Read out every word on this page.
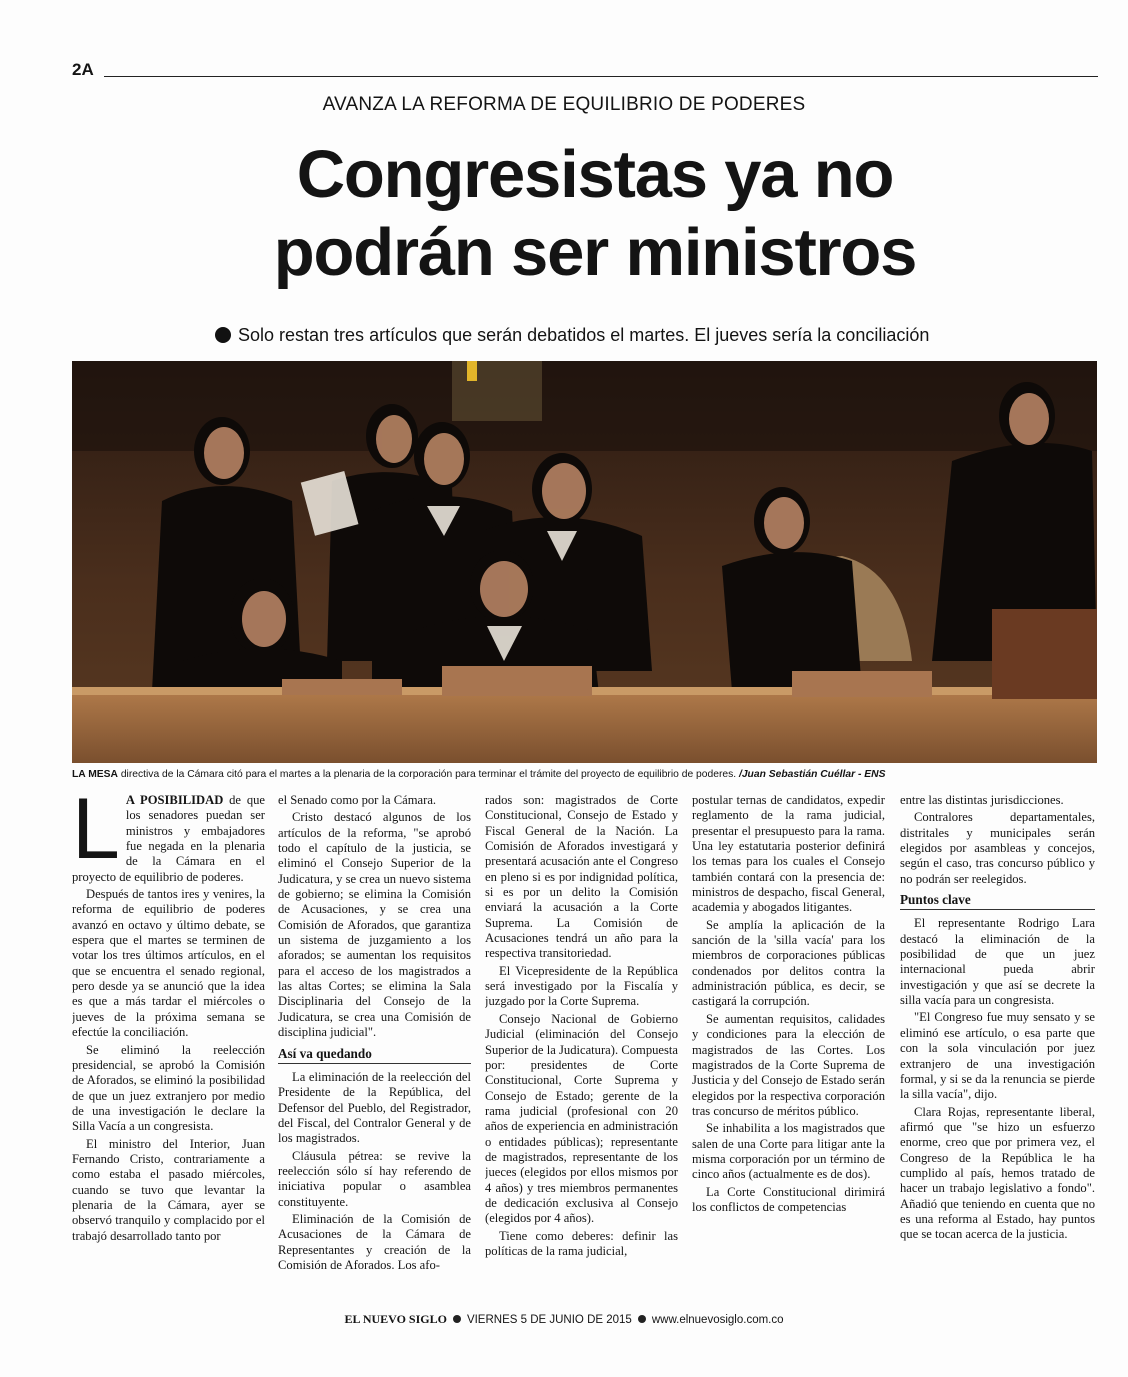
2A
AVANZA LA REFORMA DE EQUILIBRIO DE PODERES
Congresistas ya no
podrán ser ministros
Solo restan tres artículos que serán debatidos el martes. El jueves sería la conciliación
LA MESA directiva de la Cámara citó para el martes a la plenaria de la corporación para terminar el trámite del proyecto de equilibrio de poderes. /Juan Sebastián Cuéllar - ENS

L A POSIBILIDAD de que los senadores puedan ser ministros y embajadores fue negada en la plenaria de la Cámara en el proyecto de equilibrio de poderes.

Después de tantos ires y venires, la reforma de equilibrio de poderes avanzó en octavo y último debate, se espera que el martes se terminen de votar los tres últimos artículos, en el que se encuentra el senado regional, pero desde ya se anunció que la idea es que a más tardar el miércoles o jueves de la próxima semana se efectúe la conciliación.

Se eliminó la reelección presidencial, se aprobó la Comisión de Aforados, se eliminó la posibilidad de que un juez extranjero por medio de una investigación le declare la Silla Vacía a un congresista.

El ministro del Interior, Juan Fernando Cristo, contrariamente a como estaba el pasado miércoles, cuando se tuvo que levantar la plenaria de la Cámara, ayer se observó tranquilo y complacido por el trabajó desarrollado tanto por

el Senado como por la Cámara.

Cristo destacó algunos de los artículos de la reforma, "se aprobó todo el capítulo de la justicia, se eliminó el Consejo Superior de la Judicatura, y se crea un nuevo sistema de gobierno; se elimina la Comisión de Acusaciones, y se crea una Comisión de Aforados, que garantiza un sistema de juzgamiento a los aforados; se aumentan los requisitos para el acceso de los magistrados a las altas Cortes; se elimina la Sala Disciplinaria del Consejo de la Judicatura, se crea una Comisión de disciplina judicial".

Así va quedando

La eliminación de la reelección del Presidente de la República, del Defensor del Pueblo, del Registrador, del Fiscal, del Contralor General y de los magistrados.

Cláusula pétrea: se revive la reelección sólo sí hay referendo de iniciativa popular o asamblea constituyente.

Eliminación de la Comisión de Acusaciones de la Cámara de Representantes y creación de la Comisión de Aforados. Los afo-

rados son: magistrados de Corte Constitucional, Consejo de Estado y Fiscal General de la Nación. La Comisión de Aforados investigará y presentará acusación ante el Congreso en pleno si es por indignidad política, si es por un delito la Comisión enviará la acusación a la Corte Suprema. La Comisión de Acusaciones tendrá un año para la respectiva transitoriedad.

El Vicepresidente de la República será investigado por la Fiscalía y juzgado por la Corte Suprema.

Consejo Nacional de Gobierno Judicial (eliminación del Consejo Superior de la Judicatura). Compuesta por: presidentes de Corte Constitucional, Corte Suprema y Consejo de Estado; gerente de la rama judicial (profesional con 20 años de experiencia en administración o entidades públicas); representante de magistrados, representante de los jueces (elegidos por ellos mismos por 4 años) y tres miembros permanentes de dedicación exclusiva al Consejo (elegidos por 4 años).

Tiene como deberes: definir las políticas de la rama judicial,

postular ternas de candidatos, expedir reglamento de la rama judicial, presentar el presupuesto para la rama. Una ley estatutaria posterior definirá los temas para los cuales el Consejo también contará con la presencia de: ministros de despacho, fiscal General, academia y abogados litigantes.

Se amplía la aplicación de la sanción de la 'silla vacía' para los miembros de corporaciones públicas condenados por delitos contra la administración pública, es decir, se castigará la corrupción.

Se aumentan requisitos, calidades y condiciones para la elección de magistrados de las Cortes. Los magistrados de la Corte Suprema de Justicia y del Consejo de Estado serán elegidos por la respectiva corporación tras concurso de méritos público.

Se inhabilita a los magistrados que salen de una Corte para litigar ante la misma corporación por un término de cinco años (actualmente es de dos).

La Corte Constitucional dirimirá los conflictos de competencias

entre las distintas jurisdicciones.

Contralores departamentales, distritales y municipales serán elegidos por asambleas y concejos, según el caso, tras concurso público y no podrán ser reelegidos.

Puntos clave

El representante Rodrigo Lara destacó la eliminación de la posibilidad de que un juez internacional pueda abrir investigación y que así se decrete la silla vacía para un congresista.

"El Congreso fue muy sensato y se eliminó ese artículo, o esa parte que con la sola vinculación por juez extranjero de una investigación formal, y si se da la renuncia se pierde la silla vacía", dijo.

Clara Rojas, representante liberal, afirmó que "se hizo un esfuerzo enorme, creo que por primera vez, el Congreso de la República le ha cumplido al país, hemos tratado de hacer un trabajo legislativo a fondo". Añadió que teniendo en cuenta que no es una reforma al Estado, hay puntos que se tocan acerca de la justicia.

EL NUEVO SIGLO VIERNES 5 DE JUNIO DE 2015 www.elnuevosiglo.com.co
